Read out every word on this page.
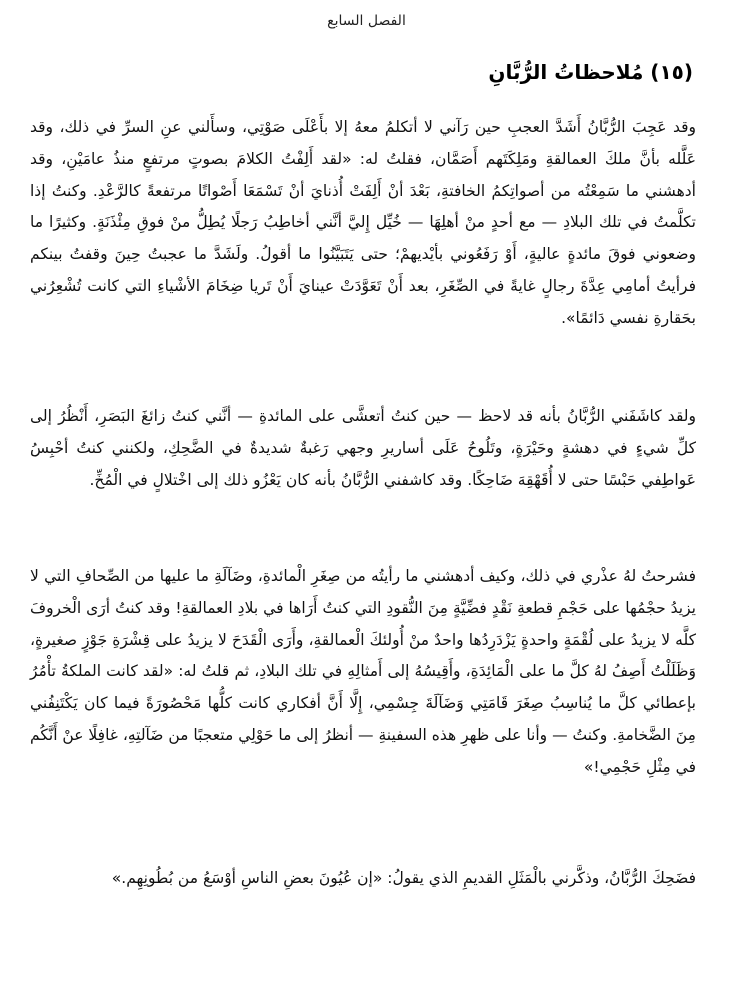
الفصل السابع
(١٥) مُلاحظاتُ الرُّبَّانِ

وقد عَجِبَ الرُّبَّانُ أَشَدَّ العجبِ حين رَآني لا أتكلمُ معهُ إلا بأَعْلَى صَوْتِي، وسأَلني عنِ السرِّ في ذلك، وقد عَلَّله بأنَّ ملكَ العمالقةِ ومَلِكَتَهم أَصَمَّان، فقلتُ له: «لقد أَلِفْتُ الكلامَ بصوتٍ مرتفعٍ منذُ عامَيْنِ، وقد أدهشني ما سَمِعْتُه من أصواتِكمُ الخافتةِ، بَعْدَ أنْ أَلِفَتْ أُذنايَ أنْ تَسْمَعَا أَصْواتًا مرتفعةً كالرَّعْدِ. وكنتُ إذا تكلَّمتُ في تلك البلادِ — مع أحدٍ منْ أهلِهَا — خُيِّل إِليَّ أنَّني أخاطِبُ رَجلًا يُطِلُّ منْ فوقِ مِئْذَنَةٍ. وكثيرًا ما وضعوني فوقَ مائدةٍ عاليةٍ، أَوْ رَفَعُوني بأيْديهمْ؛ حتى يَتَبَيَّنُوا ما أقولُ. ولَشَدَّ ما عجبتُ حِينَ وقفتُ بينكم فرأيتُ أمامِي عِدَّةَ رجالٍ غايةً في الصِّغَرِ، بعد أَنْ تَعَوَّدَتْ عينايَ أَنْ تَريا ضِخَامَ الأشْياءِ التي كانت تُشْعِرُني بحَقارةِ نفسي دَائمًا».

ولقد كاشَفَني الرُّبَّانُ بأنه قد لاحظ — حين كنتُ أتعشَّى على المائدةِ — أنَّني كنتُ زائغَ البَصَرِ، أَنْظُرُ إلى كلِّ شيءٍ في دهشةٍ وحَيْرَةٍ، وتَلُوحُ عَلَى أساريرِ وجهي رَغبةٌ شديدةٌ في الضَّحِكِ، ولكنني كنتُ أحْبِسُ عَواطِفي حَبْسًا حتى لا أُقَهْقِهَ ضَاحِكًا. وقد كاشفني الرُّبَّانُ بأنه كان يَعْزُو ذلك إلى اخْتلالٍ في الْمُخِّ.

فشرحتُ لهُ عذْري في ذلك، وكيف أدهشني ما رأيتُه من صِغَرِ الْمائدةِ، وضَآلَةِ ما عليها من الصِّحافِ التي لا يزيدُ حجْمُها على حَجْمِ قطعةِ نَقْدٍ فضِّيَّةٍ مِنَ النُّقودِ التي كنتُ أَرَاها في بلادِ العمالقةِ! وقد كنتُ أرَى الْخروفَ كلَّه لا يزيدُ على لُقْمَةٍ واحدةٍ يَزْدَرِدُها واحدٌ منْ أُولئكَ الْعمالقةِ، وأَرَى الْقَدَحَ لا يزيدُ على قِشْرَةِ جَوْزٍ صغيرةٍ، وَظَلَلْتُ أَصِفُ لهُ كلَّ ما على الْمَائِدَةِ، وأَقِيسُهُ إلى أَمثالِهِ في تلك البلادِ، ثم قلتُ له: «لقد كانت الملكةُ تأْمُرُ بإعطائي كلَّ ما يُناسِبُ صِغَرَ قَامَتِي وَضَآلَةَ جِسْمِي، إِلَّا أَنَّ أفكاري كانت كلُّها مَحْصُورَةً فيما كان يَكْتَنِفُني مِنَ الضَّخامةِ. وكنتُ — وأنا على ظهرِ هذه السفينةِ — أنظرُ إلى ما حَوْلِي متعجبًا من ضَآلتِهِ، غافِلًا عنْ أَنَّكُم في مِثْلِ حَجْمِي!»

فضَحِكَ الرُّبَّانُ، وذكَّرني بالْمَثَلِ القديمِ الذي يقولُ: «إن عُيُونَ بعضِ الناسِ أوْسَعُ من بُطُونِهِم.»
